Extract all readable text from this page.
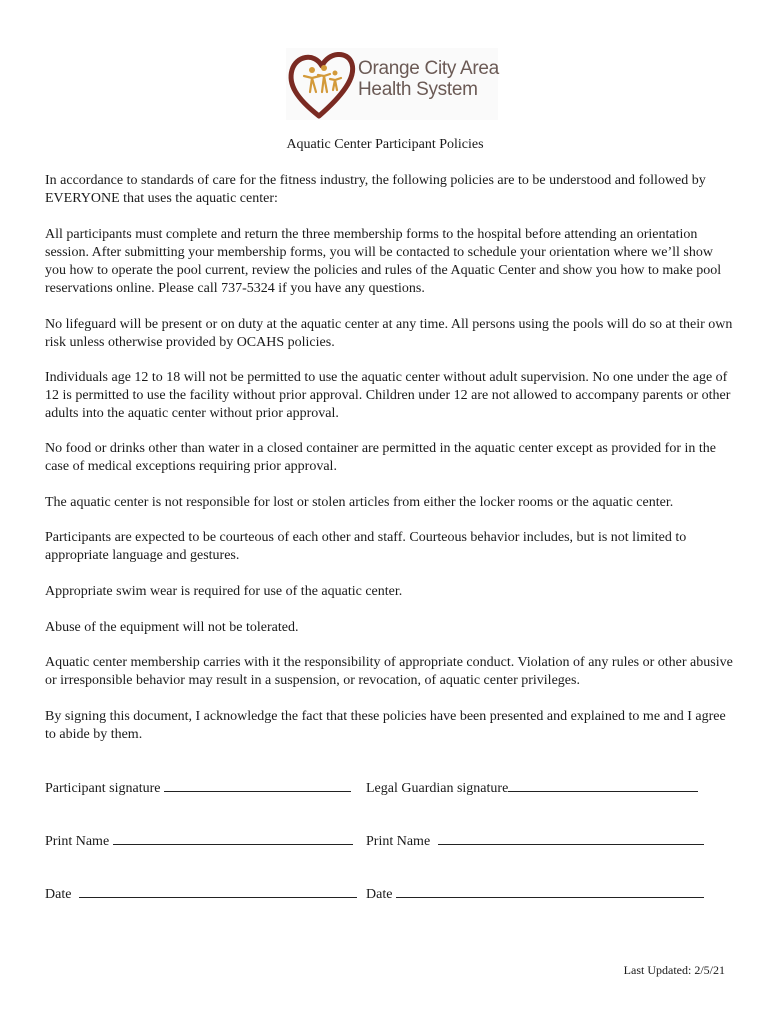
Orange City Area
Health System
Aquatic Center Participant Policies

In accordance to standards of care for the fitness industry, the following policies are to be understood and followed by EVERYONE that uses the aquatic center:

All participants must complete and return the three membership forms to the hospital before attending an orientation session. After submitting your membership forms, you will be contacted to schedule your orientation where we’ll show you how to operate the pool current, review the policies and rules of the Aquatic Center and show you how to make pool reservations online. Please call 737-5324 if you have any questions.

No lifeguard will be present or on duty at the aquatic center at any time. All persons using the pools will do so at their own risk unless otherwise provided by OCAHS policies.

Individuals age 12 to 18 will not be permitted to use the aquatic center without adult supervision. No one under the age of 12 is permitted to use the facility without prior approval. Children under 12 are not allowed to accompany parents or other adults into the aquatic center without prior approval.

No food or drinks other than water in a closed container are permitted in the aquatic center except as provided for in the case of medical exceptions requiring prior approval.

The aquatic center is not responsible for lost or stolen articles from either the locker rooms or the aquatic center.

Participants are expected to be courteous of each other and staff. Courteous behavior includes, but is not limited to appropriate language and gestures.

Appropriate swim wear is required for use of the aquatic center.

Abuse of the equipment will not be tolerated.

Aquatic center membership carries with it the responsibility of appropriate conduct. Violation of any rules or other abusive or irresponsible behavior may result in a suspension, or revocation, of aquatic center privileges.

By signing this document, I acknowledge the fact that these policies have been presented and explained to me and I agree to abide by them.

Participant signature	Legal Guardian signature
Print Name	Print Name
Date	Date
Last Updated: 2/5/21
